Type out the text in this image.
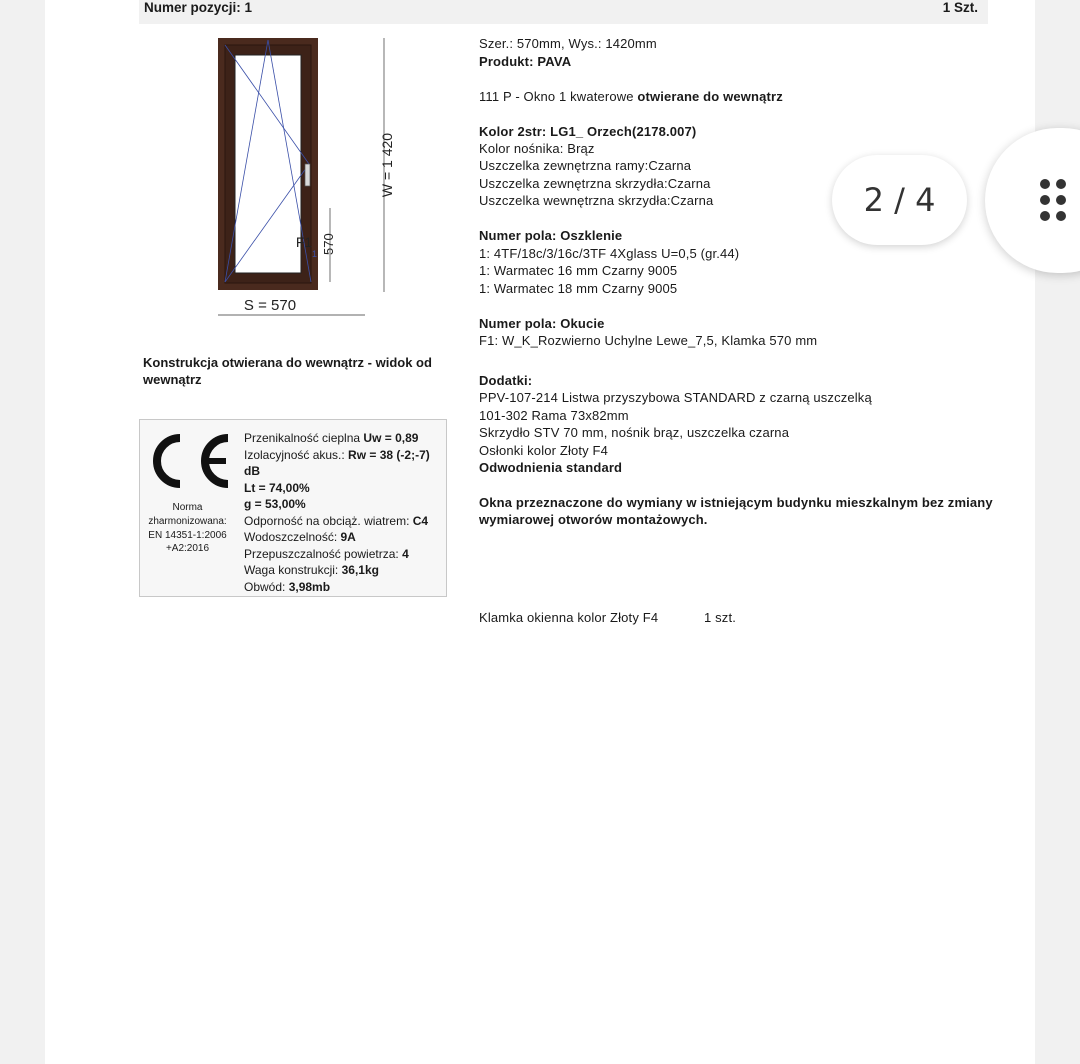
Numer pozycji: 1	1 Szt.
F1 570
1
W = 1 420
S = 570
Konstrukcja otwierana do wewnątrz - widok od wewnątrz
Norma
zharmonizowana:
EN 14351-1:2006
+A2:2016
Przenikalność cieplna Uw = 0,89
Izolacyjność akus.: Rw = 38 (-2;-7)
dB
Lt = 74,00%
g = 53,00%
Odporność na obciąż. wiatrem: C4
Wodoszczelność: 9A
Przepuszczalność powietrza: 4
Waga konstrukcji: 36,1kg
Obwód: 3,98mb
Szer.: 570mm, Wys.: 1420mm
Produkt: PAVA
111 P - Okno 1 kwaterowe otwierane do wewnątrz
Kolor 2str: LG1_ Orzech(2178.007)
Kolor nośnika: Brąz
Uszczelka zewnętrzna ramy:Czarna
Uszczelka zewnętrzna skrzydła:Czarna
Uszczelka wewnętrzna skrzydła:Czarna
Numer pola: Oszklenie
1: 4TF/18c/3/16c/3TF 4Xglass U=0,5 (gr.44)
1: Warmatec 16 mm Czarny 9005
1: Warmatec 18 mm Czarny 9005
Numer pola: Okucie
F1: W_K_Rozwierno Uchylne Lewe_7,5, Klamka 570 mm
Dodatki:
PPV-107-214 Listwa przyszybowa STANDARD z czarną uszczelką
101-302 Rama 73x82mm
Skrzydło STV 70 mm, nośnik brąz, uszczelka czarna
Osłonki kolor Złoty F4
Odwodnienia standard
Okna przeznaczone do wymiany w istniejącym budynku mieszkalnym bez zmiany
wymiarowej otworów montażowych.
Klamka okienna kolor Złoty F4	1 szt.
2 / 4
